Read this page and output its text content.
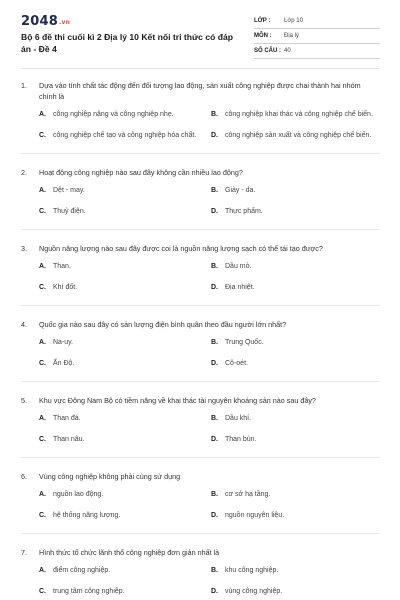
2048.vn
Bộ 6 đề thi cuối kì 2 Địa lý 10 Kết nối tri thức có đáp án - Đề 4
LỚP :	Lớp 10
MÔN :	Địa lý
SỐ CÂU : 40
1.	Dựa vào tính chất tác động đến đối tượng lao động, sản xuất công nghiệp được chai thành hai nhóm chính là
A.	công nghiệp nặng và công nghiệp nhẹ.	B.	công nghiệp khai thác và công nghiệp chế biến.
C.	công nghiệp chế tạo và công nghiệp hóa chất.	D.	công nghiệp sản xuất và công nghiệp chế biến.
2.	Hoạt động công nghiệp nào sau đây không cần nhiều lao động?
A.	Dệt - may.	B.	Giày - da.
C.	Thuỷ điện.	D.	Thực phẩm.
3.	Nguồn năng lượng nào sau đây được coi là nguồn năng lượng sạch có thể tái tạo được?
A.	Than.	B.	Dầu mỏ.
C.	Khí đốt.	D.	Địa nhiệt.
4.	Quốc gia nào sau đây có sản lượng điện bình quân theo đầu người lớn nhất?
A.	Na-uy.	B.	Trung Quốc.
C.	Ấn Độ.	D.	Cô-oét.
5.	Khu vực Đông Nam Bộ có tiềm năng về khai thác tài nguyên khoáng sản nào sau đây?
A.	Than đá.	B.	Dầu khí.
C.	Than nâu.	D.	Than bùn.
6.	Vùng công nghiệp không phải cùng sử dụng
A.	nguồn lao động.	B.	cơ sở hạ tầng.
C.	hệ thống năng lượng.	D.	nguồn nguyên liệu.
7.	Hình thức tổ chức lãnh thổ công nghiệp đơn giản nhất là
A.	điểm công nghiệp.	B.	khu công nghiệp.
C.	trung tâm công nghiệp.	D.	vùng công nghiệp.
